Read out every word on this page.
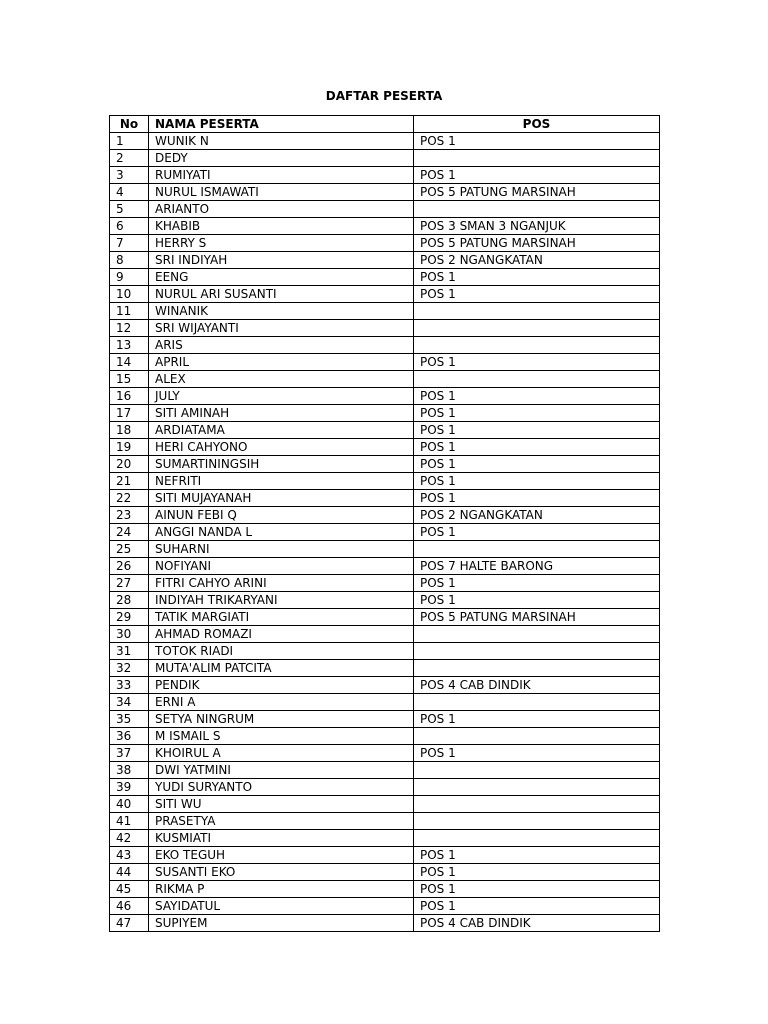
DAFTAR PESERTA
No	NAMA PESERTA	POS
1	WUNIK N	POS 1
2	DEDY	
3	RUMIYATI	POS 1
4	NURUL ISMAWATI	POS 5 PATUNG MARSINAH
5	ARIANTO	
6	KHABIB	POS 3 SMAN 3 NGANJUK
7	HERRY S	POS 5 PATUNG MARSINAH
8	SRI INDIYAH	POS 2 NGANGKATAN
9	EENG	POS 1
10	NURUL ARI SUSANTI	POS 1
11	WINANIK	
12	SRI WIJAYANTI	
13	ARIS	
14	APRIL	POS 1
15	ALEX	
16	JULY	POS 1
17	SITI AMINAH	POS 1
18	ARDIATAMA	POS 1
19	HERI CAHYONO	POS 1
20	SUMARTININGSIH	POS 1
21	NEFRITI	POS 1
22	SITI MUJAYANAH	POS 1
23	AINUN FEBI Q	POS 2 NGANGKATAN
24	ANGGI NANDA L	POS 1
25	SUHARNI	
26	NOFIYANI	POS 7 HALTE BARONG
27	FITRI CAHYO ARINI	POS 1
28	INDIYAH TRIKARYANI	POS 1
29	TATIK MARGIATI	POS 5 PATUNG MARSINAH
30	AHMAD ROMAZI	
31	TOTOK RIADI	
32	MUTA'ALIM PATCITA	
33	PENDIK	POS 4 CAB DINDIK
34	ERNI A	
35	SETYA NINGRUM	POS 1
36	M ISMAIL S	
37	KHOIRUL A	POS 1
38	DWI YATMINI	
39	YUDI SURYANTO	
40	SITI WU	
41	PRASETYA	
42	KUSMIATI	
43	EKO TEGUH	POS 1
44	SUSANTI EKO	POS 1
45	RIKMA P	POS 1
46	SAYIDATUL	POS 1
47	SUPIYEM	POS 4 CAB DINDIK
